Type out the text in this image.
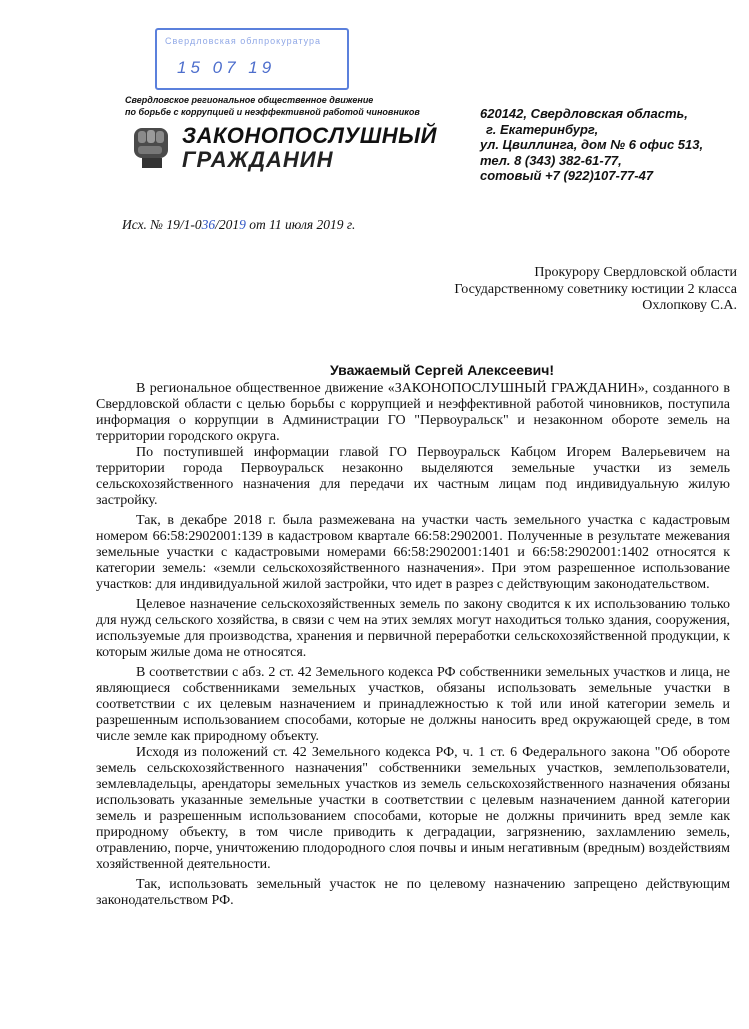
Свердловская облпрокуратура
15 07 19
Свердловское региональное общественное движение
по борьбе с коррупцией и неэффективной работой чиновников
ЗАКОНОПОСЛУШНЫЙ
ГРАЖДАНИН
620142, Свердловская область,
г. Екатеринбург,
ул. Цвиллинга, дом № 6 офис 513,
тел. 8 (343) 382-61-77,
сотовый +7 (922)107-77-47
Исх. № 19/1-036/2019 от 11 июля 2019 г.
Прокурору Свердловской области
Государственному советнику юстиции 2 класса
Охлопкову С.А.
Уважаемый Сергей Алексеевич!

В региональное общественное движение «ЗАКОНОПОСЛУШНЫЙ ГРАЖДАНИН», созданного в Свердловской области с целью борьбы с коррупцией и неэффективной работой чиновников, поступила информация о коррупции в Администрации ГО "Первоуральск" и незаконном обороте земель на территории городского округа.

По поступившей информации главой ГО Первоуральск Кабцом Игорем Валерьевичем на территории города Первоуральск незаконно выделяются земельные участки из земель сельскохозяйственного назначения для передачи их частным лицам под индивидуальную жилую застройку.

Так, в декабре 2018 г. была размежевана на участки часть земельного участка с кадастровым номером 66:58:2902001:139 в кадастровом квартале 66:58:2902001. Полученные в результате межевания земельные участки с кадастровыми номерами 66:58:2902001:1401 и 66:58:2902001:1402 относятся к категории земель: «земли сельскохозяйственного назначения». При этом разрешенное использование участков: для индивидуальной жилой застройки, что идет в разрез с действующим законодательством.

Целевое назначение сельскохозяйственных земель по закону сводится к их использованию только для нужд сельского хозяйства, в связи с чем на этих землях могут находиться только здания, сооружения, используемые для производства, хранения и первичной переработки сельскохозяйственной продукции, к которым жилые дома не относятся.

В соответствии с абз. 2 ст. 42 Земельного кодекса РФ собственники земельных участков и лица, не являющиеся собственниками земельных участков, обязаны использовать земельные участки в соответствии с их целевым назначением и принадлежностью к той или иной категории земель и разрешенным использованием способами, которые не должны наносить вред окружающей среде, в том числе земле как природному объекту.

Исходя из положений ст. 42 Земельного кодекса РФ, ч. 1 ст. 6 Федерального закона "Об обороте земель сельскохозяйственного назначения" собственники земельных участков, землепользователи, землевладельцы, арендаторы земельных участков из земель сельскохозяйственного назначения обязаны использовать указанные земельные участки в соответствии с целевым назначением данной категории земель и разрешенным использованием способами, которые не должны причинить вред земле как природному объекту, в том числе приводить к деградации, загрязнению, захламлению земель, отравлению, порче, уничтожению плодородного слоя почвы и иным негативным (вредным) воздействиям хозяйственной деятельности.

Так, использовать земельный участок не по целевому назначению запрещено действующим законодательством РФ.
